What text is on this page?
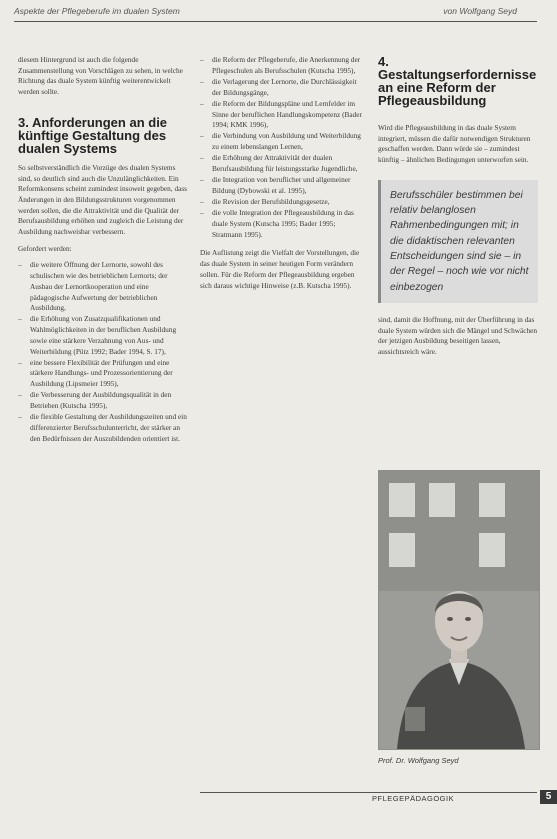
Aspekte der Pflegeberufe im dualen System	von Wolfgang Seyd

diesem Hintergrund ist auch die folgende Zusammenstellung von Vorschlägen zu sehen, in welche Richtung das duale System künftig weiterentwickelt werden sollte.

3. Anforderungen an die künftige Gestaltung des dualen Systems

So selbstverständlich die Vorzüge des dualen Systems sind, so deutlich sind auch die Unzulänglichkeiten. Ein Reformkonsens scheint zumindest insoweit gegeben, dass Änderungen in den Bildungsstrukturen vorgenommen werden sollen, die die Attraktivität und die Qualität der Berufsausbildung erhöhen und zugleich die Leistung der Ausbildung nachweisbar verbessern.

Gefordert werden:

– die weitere Öffnung der Lernorte, sowohl des schulischen wie des betrieblichen Lernorts; der Ausbau der Lernortkooperation und eine pädagogische Aufwertung der betrieblichen Ausbildung,
– die Erhöhung von Zusatzqualifikationen und Wahlmöglichkeiten in der beruflichen Ausbildung sowie eine stärkere Verzahnung von Aus- und Weiterbildung (Pütz 1992; Bader 1994, S. 17),
– eine bessere Flexibilität der Prüfungen und eine stärkere Handlungs- und Prozessorientierung der Ausbildung (Lipsmeier 1995),
– die Verbesserung der Ausbildungsqualität in den Betrieben (Kutscha 1995),
– die flexible Gestaltung der Ausbildungszeiten und ein differenzierter Berufsschulunterricht, der stärker an den Bedürfnissen der Auszubildenden orientiert ist.
– die Reform der Pflegeberufe, die Anerkennung der Pflegeschulen als Berufsschulen (Kutscha 1995),
– die Verlagerung der Lernorte, die Durchlässigkeit der Bildungsgänge,
– die Reform der Bildungspläne und Lernfelder im Sinne der beruflichen Handlungskompetenz (Bader 1994; KMK 1996),
– die Verbindung von Ausbildung und Weiterbildung zu einem lebenslangen Lernen,
– die Erhöhung der Attraktivität der dualen Berufsausbildung für leistungsstarke Jugendliche,
– die Integration von beruflicher und allgemeiner Bildung (Dybowski et al. 1995),
– die Revision der Berufsbildungsgesetze,
– die volle Integration der Pflegeausbildung in das duale System (Kutscha 1995; Bader 1995; Stratmann 1995).

Die Auflistung zeigt die Vielfalt der Vorstellungen, die das duale System in seiner heutigen Form verändern sollen. Für die Reform der Pflegeausbildung ergeben sich daraus wichtige Hinweise (z.B. Kutscha 1995).

4. Gestaltungserfordernisse an eine Reform der Pflegeausbildung

Wird die Pflegeausbildung in das duale System integriert, müssen die dafür notwendigen Strukturen geschaffen werden. Dann würde sie – zumindest künftig – ähnlichen Bedingungen unterworfen sein.

Berufsschüler bestimmen bei relativ belanglosen Rahmenbedingungen mit; in die didaktischen relevanten Entscheidungen sind sie – in der Regel – noch wie vor nicht einbezogen

sind, damit die Hoffnung, mit der Überführung in das duale System würden sich die Mängel und Schwächen der jetzigen Ausbildung beseitigen lassen, aussichtsreich wäre.

Prof. Dr. Wolfgang Seyd
PFLEGEPÄDAGOGIK	5
